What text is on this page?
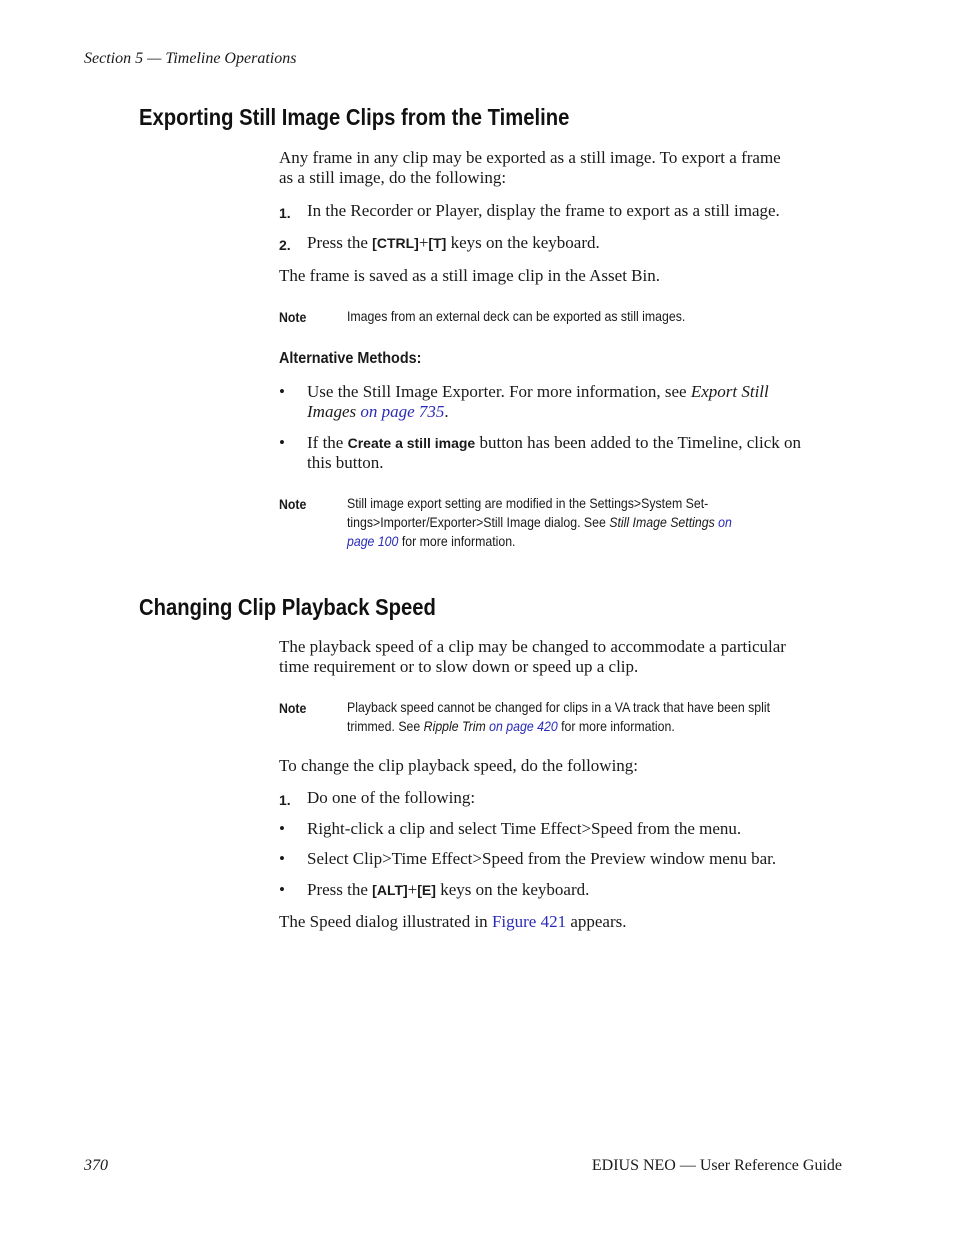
Section 5 — Timeline Operations
Exporting Still Image Clips from the Timeline
Any frame in any clip may be exported as a still image. To export a frame
as a still image, do the following:
1. In the Recorder or Player, display the frame to export as a still image.
2. Press the [CTRL]+[T] keys on the keyboard.
The frame is saved as a still image clip in the Asset Bin.
Note	Images from an external deck can be exported as still images.
Alternative Methods:
• Use the Still Image Exporter. For more information, see Export Still
Images on page 735.
• If the Create a still image button has been added to the Timeline, click on
this button.
Note	Still image export setting are modified in the Settings>System Set-
tings>Importer/Exporter>Still Image dialog. See Still Image Settings on
page 100 for more information.
Changing Clip Playback Speed
The playback speed of a clip may be changed to accommodate a particular
time requirement or to slow down or speed up a clip.
Note	Playback speed cannot be changed for clips in a VA track that have been split
trimmed. See Ripple Trim on page 420 for more information.
To change the clip playback speed, do the following:
1. Do one of the following:
• Right-click a clip and select Time Effect>Speed from the menu.
• Select Clip>Time Effect>Speed from the Preview window menu bar.
• Press the [ALT]+[E] keys on the keyboard.
The Speed dialog illustrated in Figure 421 appears.
370	EDIUS NEO — User Reference Guide
